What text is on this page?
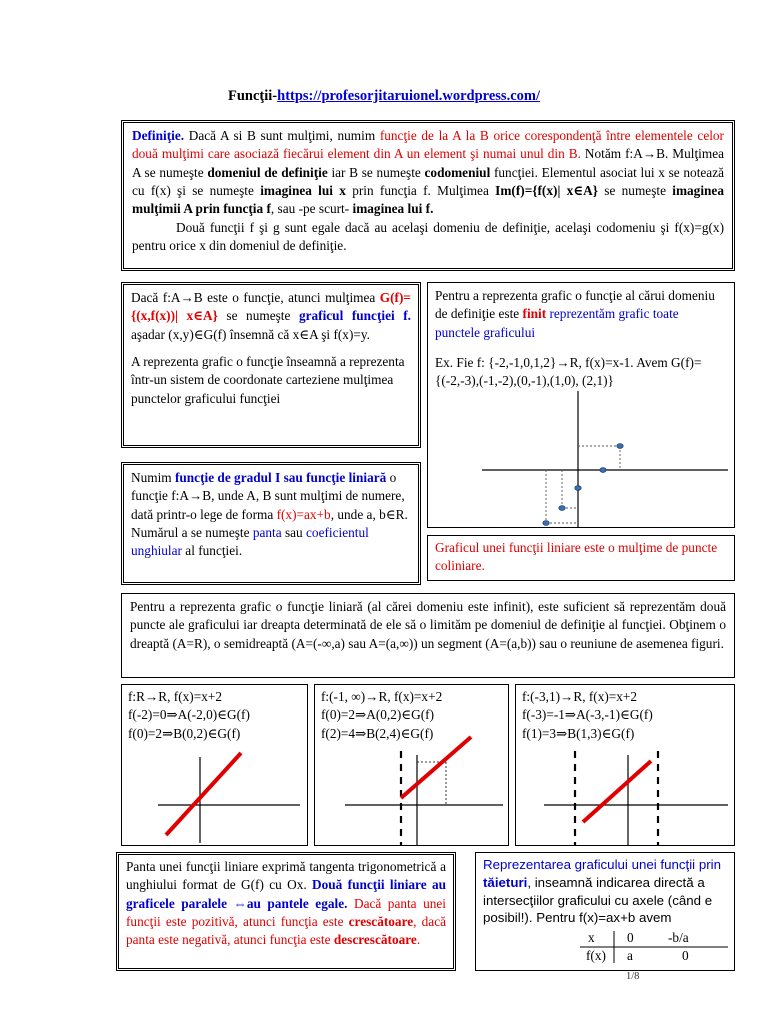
Funcţii-https://profesorjitaruionel.wordpress.com/

Definiţie. Dacă A si B sunt mulţimi, numim funcţie de la A la B orice corespondenţă între elementele celor două mulţimi care asociază fiecărui element din A un element şi numai unul din B. Notăm f:A→B. Mulţimea A se numeşte domeniul de definiţie iar B se numeşte codomeniul funcţiei. Elementul asociat lui x se notează cu f(x) şi se numeşte imaginea lui x prin funcţia f. Mulţimea Im(f)={f(x)| x∈A} se numeşte imaginea mulţimii A prin funcţia f, sau -pe scurt- imaginea lui f.

Două funcţii f şi g sunt egale dacă au acelaşi domeniu de definiţie, acelaşi codomeniu şi f(x)=g(x) pentru orice x din domeniul de definiţie.

Dacă f:A→B este o funcţie, atunci mulţimea G(f)= {(x,f(x))| x∈A} se numeşte graficul funcţiei f. aşadar (x,y)∈G(f) însemnă că x∈A şi f(x)=y.

A reprezenta grafic o funcţie înseamnă a reprezenta într-un sistem de coordonate carteziene mulţimea punctelor graficului funcţiei

Pentru a reprezenta grafic o funcţie al cărui domeniu de definiţie este finit reprezentăm grafic toate punctele graficului

Ex. Fie f: {-2,-1,0,1,2}→R, f(x)=x-1. Avem G(f)={(-2,-3),(-1,-2),(0,-1),(1,0), (2,1)}

Numim funcţie de gradul I sau funcţie liniară o funcţie f:A→B, unde A, B sunt mulţimi de numere, dată printr-o lege de forma f(x)=ax+b, unde a, b∈R. Numărul a se numeşte panta sau coeficientul unghiular al funcţiei.	Graficul unei funcţii liniare este o mulţime de puncte coliniare.

Pentru a reprezenta grafic o funcţie liniară (al cărei domeniu este infinit), este suficient să reprezentăm două puncte ale graficului iar dreapta determinată de ele să o limităm pe domeniul de definiţie al funcţiei. Obţinem o dreaptă (A=R), o semidreaptă (A=(-∞,a) sau A=(a,∞)) un segment (A=(a,b)) sau o reuniune de asemenea figuri.

f:R→R, f(x)=x+2
f(-2)=0⇒A(-2,0)∈G(f)
f(0)=2⇒B(0,2)∈G(f)
f:(-1, ∞)→R, f(x)=x+2
f(0)=2⇒A(0,2)∈G(f)
f(2)=4⇒B(2,4)∈G(f)
f:(-3,1)→R, f(x)=x+2
f(-3)=-1⇒A(-3,-1)∈G(f)
f(1)=3⇒B(1,3)∈G(f)

Panta unei funcţii liniare exprimă tangenta trigonometrică a unghiului format de G(f) cu Ox. Două funcţii liniare au graficele paralele ⇔au pantele egale. Dacă panta unei funcţii este pozitivă, atunci funcţia este crescătoare, dacă panta este negativă, atunci funcţia este descrescătoare.

Reprezentarea graficului unei funcţii prin tăieturi, inseamnă indicarea directă a intersecţiilor graficului cu axele (când e posibil!). Pentru f(x)=ax+b avem

x 0	-b/a
f(x) a	0
1/8
